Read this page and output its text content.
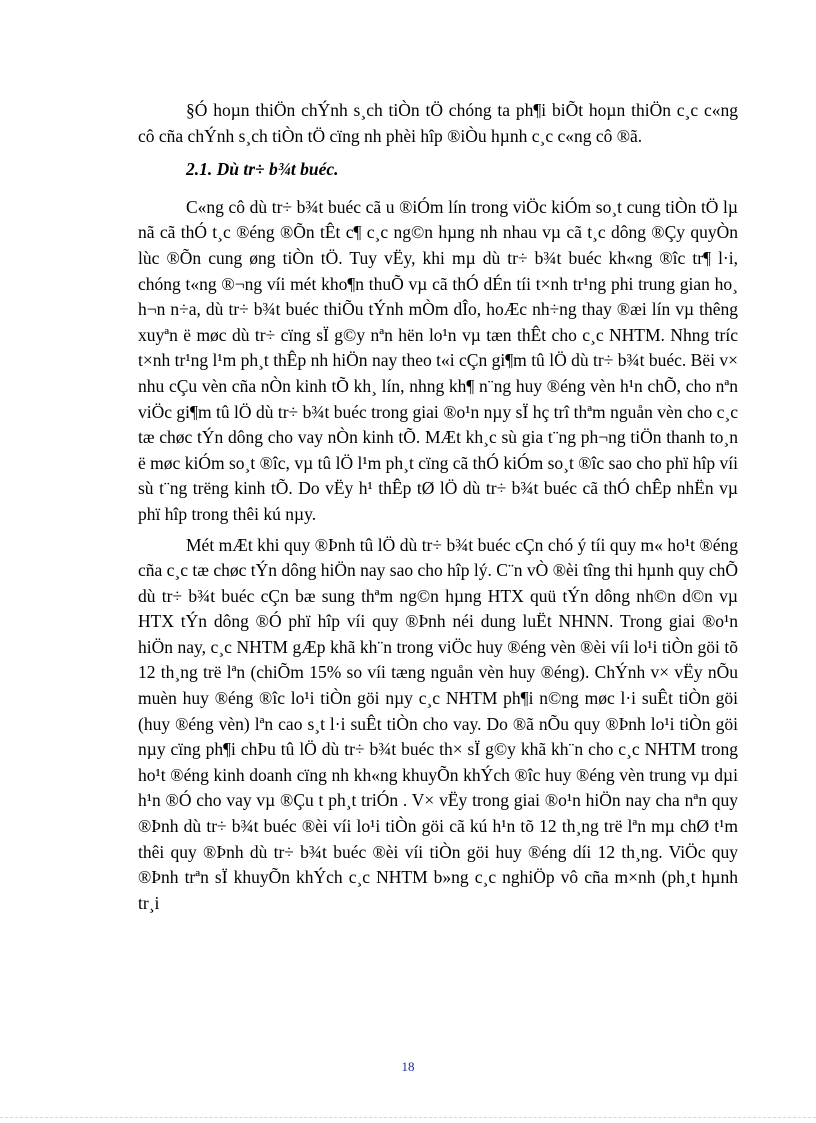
§Ó hoµn thiÖn chÝnh s¸ch tiÒn tÖ chóng ta ph¶i biÕt hoµn thiÖn c¸c c«ng cô cña chÝnh s¸ch tiÒn tÖ cïng nh phèi hîp ®iÒu hµnh c¸c c«ng cô ®ã.

2.1. Dù tr÷ b¾t buéc.

C«ng cô dù tr÷ b¾t buéc cã u ®iÓm lín trong viÖc kiÓm so¸t cung tiÒn tÖ lµ nã cã thÓ t¸c ®éng ®Õn tÊt c¶ c¸c ng©n hµng nh nhau vµ cã t¸c dông ®Çy quyÒn lùc ®Õn cung øng tiÒn tÖ. Tuy vËy, khi mµ dù tr÷ b¾t buéc kh«ng ®îc tr¶ l·i, chóng t«ng ®¬ng víi mét kho¶n thuÕ vµ cã thÓ dÉn tíi t×nh tr¹ng phi trung gian ho¸ h¬n n÷a, dù tr÷ b¾t buéc thiÕu tÝnh mÒm dÎo, hoÆc nh÷ng thay ®æi lín vµ thêng xuyªn ë møc dù tr÷ cïng sÏ g©y nªn hën lo¹n vµ tæn thÊt cho c¸c NHTM. Nhng tríc t×nh tr¹ng l¹m ph¸t thÊp nh hiÖn nay theo t«i cÇn gi¶m tû lÖ dù tr÷ b¾t buéc. Bëi v× nhu cÇu vèn cña nÒn kinh tÕ kh¸ lín, nhng kh¶ n¨ng huy ®éng vèn h¹n chÕ, cho nªn viÖc gi¶m tû lÖ dù tr÷ b¾t buéc trong giai ®o¹n nµy sÏ hç trî thªm nguån vèn cho c¸c tæ chøc tÝn dông cho vay nÒn kinh tÕ. MÆt kh¸c sù gia t¨ng ph¬ng tiÖn thanh to¸n ë møc kiÓm so¸t ®îc, vµ tû lÖ l¹m ph¸t cïng cã thÓ kiÓm so¸t ®îc sao cho phï hîp víi sù t¨ng trëng kinh tÕ. Do vËy h¹ thÊp tØ lÖ dù tr÷ b¾t buéc cã thÓ chÊp nhËn vµ phï hîp trong thêi kú nµy.

Mét mÆt khi quy ®Þnh tû lÖ dù tr÷ b¾t buéc cÇn chó ý tíi quy m« ho¹t ®éng cña c¸c tæ chøc tÝn dông hiÖn nay sao cho hîp lý. C¨n vÒ ®èi tîng thi hµnh quy chÕ dù tr÷ b¾t buéc cÇn bæ sung thªm ng©n hµng HTX quü tÝn dông nh©n d©n vµ HTX tÝn dông ®Ó phï hîp víi quy ®Þnh néi dung luËt NHNN. Trong giai ®o¹n hiÖn nay, c¸c NHTM gÆp khã kh¨n trong viÖc huy ®éng vèn ®èi víi lo¹i tiÒn göi tõ 12 th¸ng trë lªn (chiÕm 15% so víi tæng nguån vèn huy ®éng). ChÝnh v× vËy nÕu muèn huy ®éng ®îc lo¹i tiÒn göi nµy c¸c NHTM ph¶i n©ng møc l·i suÊt tiÒn göi (huy ®éng vèn) lªn cao s¸t l·i suÊt tiÒn cho vay. Do ®ã nÕu quy ®Þnh lo¹i tiÒn göi nµy cïng ph¶i chÞu tû lÖ dù tr÷ b¾t buéc th× sÏ g©y khã kh¨n cho c¸c NHTM trong ho¹t ®éng kinh doanh cïng nh kh«ng khuyÕn khÝch ®îc huy ®éng vèn trung vµ dµi h¹n ®Ó cho vay vµ ®Çu t ph¸t triÓn . V× vËy trong giai ®o¹n hiÖn nay cha nªn quy ®Þnh dù tr÷ b¾t buéc ®èi víi lo¹i tiÒn göi cã kú h¹n tõ 12 th¸ng trë lªn mµ chØ t¹m thêi quy ®Þnh dù tr÷ b¾t buéc ®èi víi tiÒn göi huy ®éng díi 12 th¸ng. ViÖc quy ®Þnh trªn sÏ khuyÕn khÝch c¸c NHTM b»ng c¸c nghiÖp vô cña m×nh (ph¸t hµnh tr¸i

18
